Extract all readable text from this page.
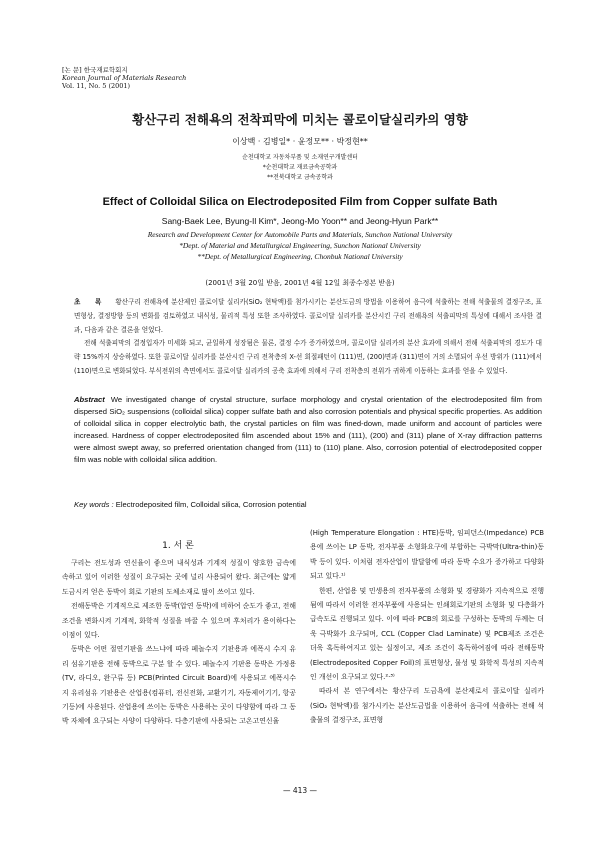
[논 문] 한국재료학회지
Korean Journal of Materials Research
Vol. 11, No. 5 (2001)
황산구리 전해욕의 전착피막에 미치는 콜로이달실리카의 영향
이상백 · 김병일* · 윤정모** · 박정현**
순천대학교 자동차부품 및 소재연구개발센터
*순천대학교 재료금속공학과
**전북대학교 금속공학과
Effect of Colloidal Silica on Electrodeposited Film from Copper sulfate Bath
Sang-Baek Lee, Byung-Il Kim*, Jeong-Mo Yoon** and Jeong-Hyun Park**
Research and Development Center for Automobile Parts and Materials, Sunchon National University
*Dept. of Material and Metallurgical Engineering, Sunchon National University
**Dept. of Metallurgical Engineering, Chonbuk National University
(2001년 3월 20일 받음, 2001년 4월 12일 최종수정본 받음)

초 록 황산구리 전해욕에 분산제인 콜로이달 실리카(SiO₂ 현탁액)를 첨가시키는 분산도금의 방법을 이용하여 음극에 석출하는 전해 석출물의 결정구조, 표면형상, 결정방향 등의 변화를 검토하였고 내식성, 물리적 특성 또한 조사하였다. 콜로이달 실리카를 분산시킨 구리 전해욕의 석출피막의 특성에 대해서 조사한 결과, 다음과 같은 결론을 얻었다.

전해 석출피막의 결정입자가 미세화 되고, 균일하게 성장됨은 물론, 결정 수가 증가하였으며, 콜로이달 실리카의 분산 효과에 의해서 전해 석출피막의 경도가 대략 15%까지 상승하였다. 또한 콜로이달 실리카를 분산시킨 구리 전착층의 X-선 회절패턴이 (111)면, (200)면과 (311)면이 거의 소멸되어 우선 방위가 (111)에서 (110)면으로 변화되었다. 부식전위의 측면에서도 콜로이달 실리카의 공축 효과에 의해서 구리 전착층의 전위가 귀하게 이동하는 효과를 얻을 수 있었다.

Abstract We investigated change of crystal structure, surface morphology and crystal orientation of the electrodeposited film from dispersed SiO₂ suspensions (colloidal silica) copper sulfate bath and also corrosion potentials and physical specific properties. As addition of colloidal silica in copper electrolytic bath, the crystal particles on film was fined-down, made uniform and account of particles were increased. Hardness of copper electrodeposited film ascended about 15% and (111), (200) and (311) plane of X-ray diffraction patterns were almost swept away, so preferred orientation changed from (111) to (110) plane. Also, corrosion potential of electrodeposited copper film was noble with colloidal silica addition.
Key words : Electrodeposited film, Colloidal silica, Corrosion potential
1. 서 론

구리는 전도성과 연신율이 좋으며 내식성과 기계적 성질이 양호한 금속에 속하고 있어 이러한 성질이 요구되는 곳에 널리 사용되어 왔다. 최근에는 얇게 도금시켜 얻은 동박이 회로 기판의 도체소재로 많이 쓰이고 있다.

전해동박은 기계적으로 제조한 동박(압연 동박)에 비하여 순도가 좋고, 전해조건을 변화시켜 기계적, 화학적 성질을 바꿀 수 있으며 후처리가 용이하다는 이점이 있다.

동박은 어떤 절연기판을 쓰느냐에 따라 페놀수지 기판용과 에폭시 수지 유리 섬유기판용 전해 동박으로 구분 할 수 있다. 페놀수지 기판용 동박은 가정용(TV, 라디오, 완구류 등) PCB(Printed Circuit Board)에 사용되고 에폭시수지 유리섬유 기판용은 산업용(컴퓨터, 전신전화, 교환기기, 자동제어기기, 항공기등)에 사용된다. 산업용에 쓰이는 동박은 사용하는 곳이 다양함에 따라 그 동박 자체에 요구되는 사양이 다양하다. 다층기판에 사용되는 고온고연신율

(High Temperature Elongation : HTE)동박, 임피던스(Impedance) PCB용에 쓰이는 LP 동박, 전자부품 소형화요구에 부합하는 극박막(Ultra-thin)동박 등이 있다. 이처럼 전자산업이 발달함에 따라 동박 수요가 증가하고 다양화되고 있다.¹⁾

한편, 산업용 및 민생용의 전자부품의 소형화 및 경량화가 지속적으로 진행됨에 따라서 이러한 전자부품에 사용되는 인쇄회로기판의 소형화 및 다층화가 급속도로 진행되고 있다. 이에 따라 PCB의 회로를 구성하는 동박의 두께는 더욱 극박화가 요구되며, CCL (Copper Clad Laminate) 및 PCB제조 조건은 더욱 혹독하여지고 있는 실정이고, 제조 조건이 혹독하여짐에 따라 전해동박(Electrodeposited Copper Foil)의 표면형상, 물성 및 화학적 특성의 지속적인 개선이 요구되고 있다.²·³⁾

따라서 본 연구에서는 황산구리 도금욕에 분산제로서 콜로이달 실리카(SiO₂ 현탁액)를 첨가시키는 분산도금법을 이용하여 음극에 석출하는 전해 석출물의 결정구조, 표면형

— 413 —
